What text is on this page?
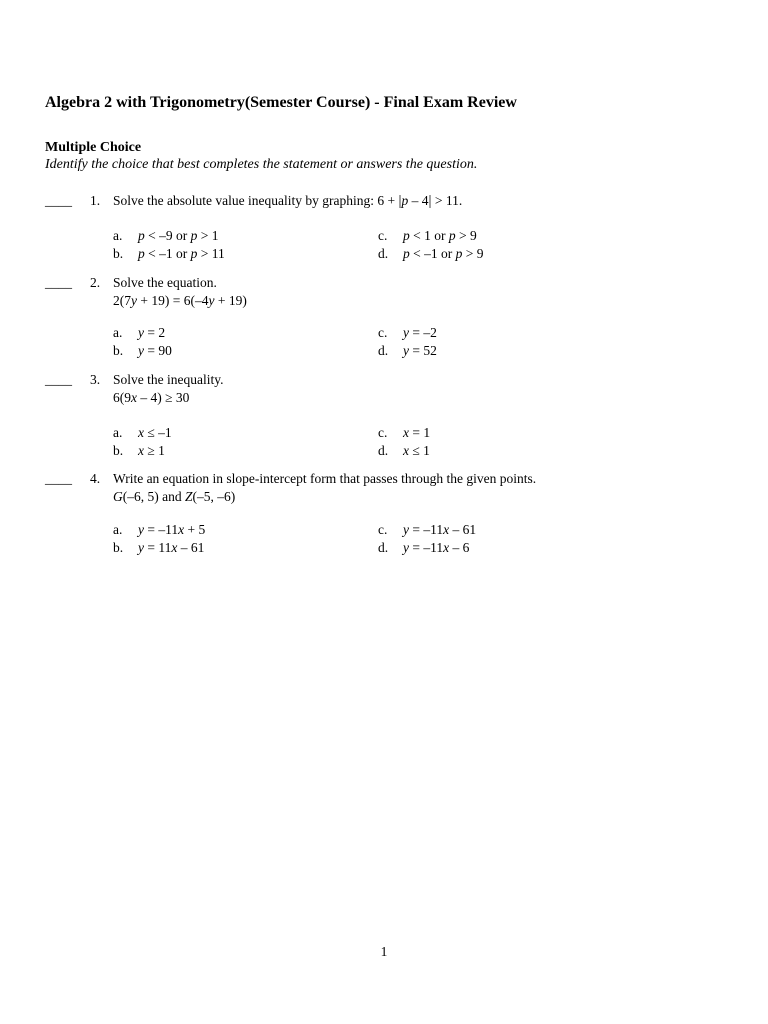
Algebra 2 with Trigonometry(Semester Course) - Final Exam Review
Multiple Choice
Identify the choice that best completes the statement or answers the question.
____ 1. Solve the absolute value inequality by graphing: 6 + |p – 4| > 11.
a. p < –9 or p > 1
b. p < –1 or p > 11
c. p < 1 or p > 9
d. p < –1 or p > 9
____ 2. Solve the equation.
2(7y + 19) = 6(–4y + 19)
a. y = 2
b. y = 90
c. y = –2
d. y = 52
____ 3. Solve the inequality.
6(9x – 4) ≥ 30
a. x ≤ –1
b. x ≥ 1
c. x = 1
d. x ≤ 1
____ 4. Write an equation in slope-intercept form that passes through the given points.
G(–6, 5) and Z(–5, –6)
a. y = –11x + 5
b. y = 11x – 61
c. y = –11x – 61
d. y = –11x – 6
1
